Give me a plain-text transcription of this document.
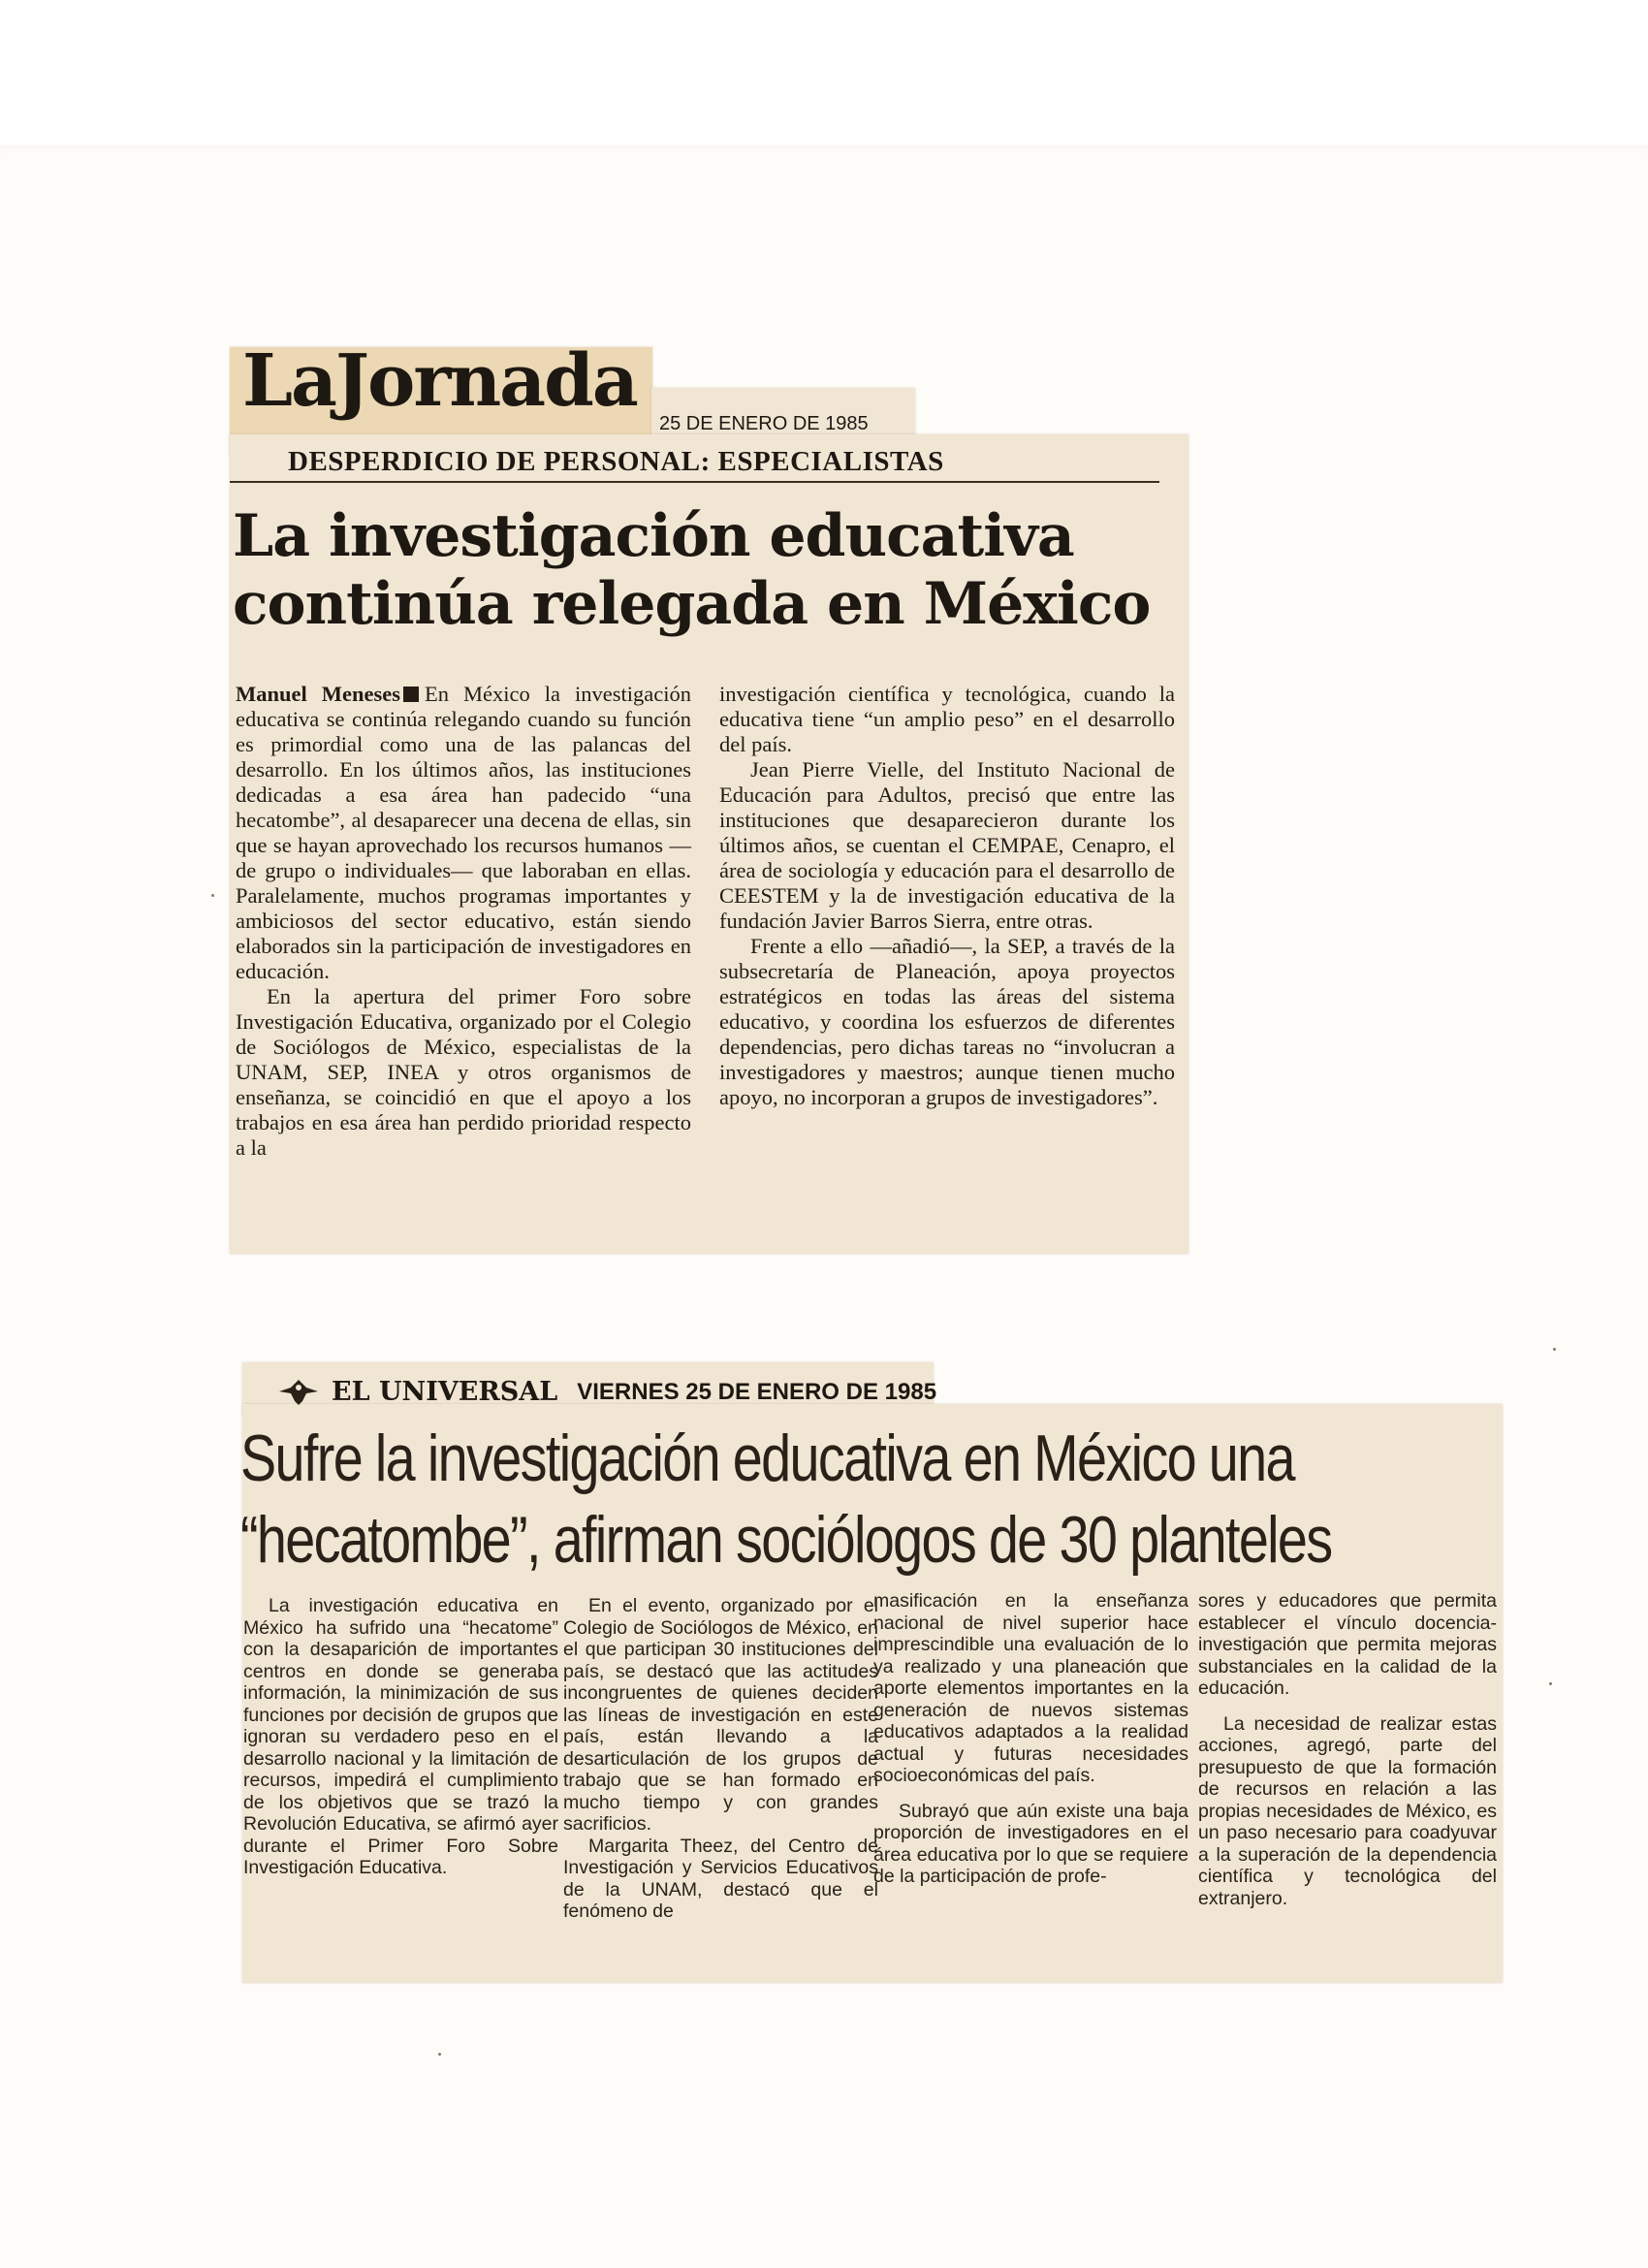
LaJornada
25 DE ENERO DE 1985
DESPERDICIO DE PERSONAL: ESPECIALISTAS
La investigación educativa
continúa relegada en México

Manuel Meneses En México la investigación educativa se continúa relegando cuando su función es primordial como una de las palancas del desarrollo. En los últimos años, las instituciones dedicadas a esa área han padecido “una hecatombe”, al desaparecer una decena de ellas, sin que se hayan aprovechado los recursos humanos —de grupo o individuales— que laboraban en ellas. Paralelamente, muchos programas importantes y ambiciosos del sector educativo, están siendo elaborados sin la participación de investigadores en educación.

En la apertura del primer Foro sobre Investigación Educativa, organizado por el Colegio de Sociólogos de México, especialistas de la UNAM, SEP, INEA y otros organismos de enseñanza, se coincidió en que el apoyo a los trabajos en esa área han perdido prioridad respecto a la

investigación científica y tecnológica, cuando la educativa tiene “un amplio peso” en el desarrollo del país.

Jean Pierre Vielle, del Instituto Nacional de Educación para Adultos, precisó que entre las instituciones que desaparecieron durante los últimos años, se cuentan el CEMPAE, Cenapro, el área de sociología y educación para el desarrollo de CEESTEM y la de investigación educativa de la fundación Javier Barros Sierra, entre otras.

Frente a ello —añadió—, la SEP, a través de la subsecretaría de Planeación, apoya proyectos estratégicos en todas las áreas del sistema educativo, y coordina los esfuerzos de diferentes dependencias, pero dichas tareas no “involucran a investigadores y maestros; aunque tienen mucho apoyo, no incorporan a grupos de investigadores”.

EL UNIVERSAL VIERNES 25 DE ENERO DE 1985
Sufre la investigación educativa en México una
“hecatombe”, afirman sociólogos de 30 planteles

La investigación educativa en México ha sufrido una “hecatome” con la desaparición de importantes centros en donde se generaba información, la minimización de sus funciones por decisión de grupos que ignoran su verdadero peso en el desarrollo nacional y la limitación de recursos, impedirá el cumplimiento de los objetivos que se trazó la Revolución Educativa, se afirmó ayer durante el Primer Foro Sobre Investigación Educativa.

En el evento, organizado por el Colegio de Sociólogos de México, en el que participan 30 instituciones del país, se destacó que las actitudes incongruentes de quienes deciden las líneas de investigación en este país, están llevando a la desarticulación de los grupos de trabajo que se han formado en mucho tiempo y con grandes sacrificios.

Margarita Theez, del Centro de Investigación y Servicios Educativos de la UNAM, destacó que el fenómeno de

masificación en la enseñanza nacional de nivel superior hace imprescindible una evaluación de lo ya realizado y una planeación que aporte elementos importantes en la generación de nuevos sistemas educativos adaptados a la realidad actual y futuras necesidades socioeconómicas del país.

Subrayó que aún existe una baja proporción de investigadores en el área educativa por lo que se requiere de la participación de profe-

sores y educadores que permita establecer el vínculo docencia-investigación que permita mejoras substanciales en la calidad de la educación.

La necesidad de realizar estas acciones, agregó, parte del presupuesto de que la formación de recursos en relación a las propias necesidades de México, es un paso necesario para coadyuvar a la superación de la dependencia científica y tecnológica del extranjero.
